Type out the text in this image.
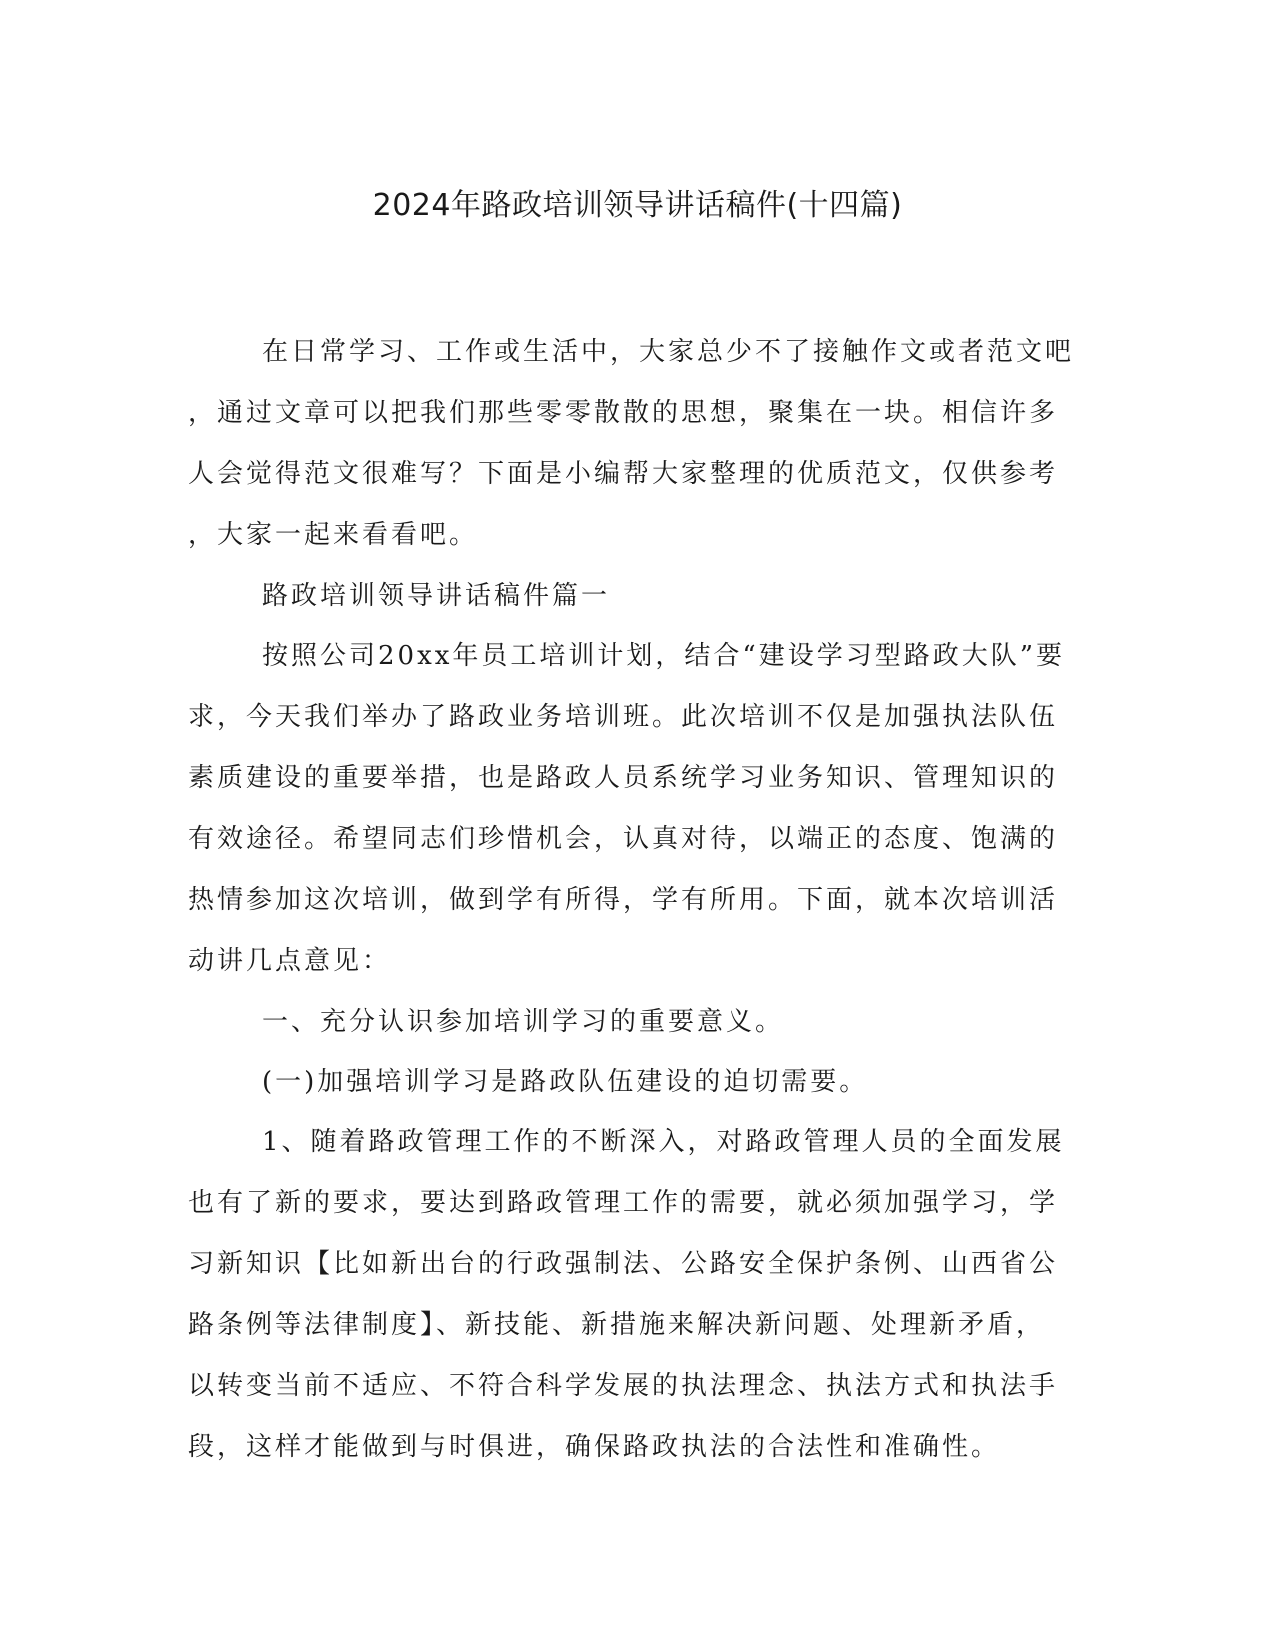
2024年路政培训领导讲话稿件(十四篇)
在日常学习、工作或生活中，大家总少不了接触作文或者范文吧
，通过文章可以把我们那些零零散散的思想，聚集在一块。相信许多
人会觉得范文很难写？下面是小编帮大家整理的优质范文，仅供参考
，大家一起来看看吧。
路政培训领导讲话稿件篇一
按照公司20xx年员工培训计划，结合“建设学习型路政大队”要
求，今天我们举办了路政业务培训班。此次培训不仅是加强执法队伍
素质建设的重要举措，也是路政人员系统学习业务知识、管理知识的
有效途径。希望同志们珍惜机会，认真对待，以端正的态度、饱满的
热情参加这次培训，做到学有所得，学有所用。下面，就本次培训活
动讲几点意见：
一、充分认识参加培训学习的重要意义。
(一)加强培训学习是路政队伍建设的迫切需要。
1、随着路政管理工作的不断深入，对路政管理人员的全面发展
也有了新的要求，要达到路政管理工作的需要，就必须加强学习，学
习新知识【比如新出台的行政强制法、公路安全保护条例、山西省公
路条例等法律制度】、新技能、新措施来解决新问题、处理新矛盾，
以转变当前不适应、不符合科学发展的执法理念、执法方式和执法手
段，这样才能做到与时俱进，确保路政执法的合法性和准确性。
